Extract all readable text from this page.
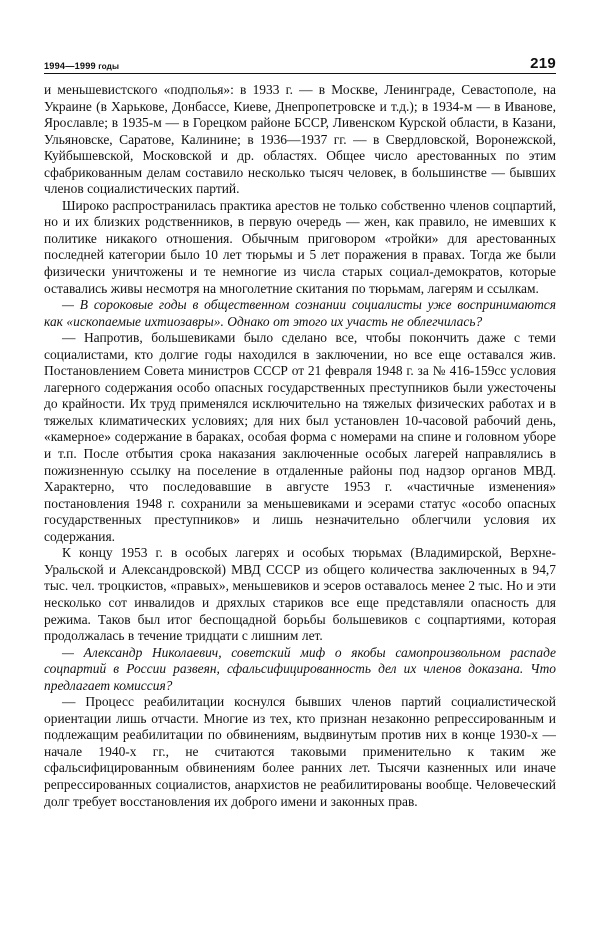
1994—1999 годы	219

и меньшевистского «подполья»: в 1933 г. — в Москве, Ленинграде, Севастополе, на Украине (в Харькове, Донбассе, Киеве, Днепропетровске и т.д.); в 1934-м — в Иванове, Ярославле; в 1935-м — в Горецком районе БССР, Ливенском Курской области, в Казани, Ульяновске, Саратове, Калинине; в 1936—1937 гг. — в Свердловской, Воронежской, Куйбышевской, Московской и др. областях. Общее число арестованных по этим сфабрикованным делам составило несколько тысяч человек, в большинстве — бывших членов социалистических партий.

Широко распространилась практика арестов не только собственно членов соцпартий, но и их близких родственников, в первую очередь — жен, как правило, не имевших к политике никакого отношения. Обычным приговором «тройки» для арестованных последней категории было 10 лет тюрьмы и 5 лет поражения в правах. Тогда же были физически уничтожены и те немногие из числа старых социал-демократов, которые оставались живы несмотря на многолетние скитания по тюрьмам, лагерям и ссылкам.

— В сороковые годы в общественном сознании социалисты уже воспринимаются как «ископаемые ихтиозавры». Однако от этого их участь не облегчилась?

— Напротив, большевиками было сделано все, чтобы покончить даже с теми социалистами, кто долгие годы находился в заключении, но все еще оставался жив. Постановлением Совета министров СССР от 21 февраля 1948 г. за № 416-159сс условия лагерного содержания особо опасных государственных преступников были ужесточены до крайности. Их труд применялся исключительно на тяжелых физических работах и в тяжелых климатических условиях; для них был установлен 10-часовой рабочий день, «камерное» содержание в бараках, особая форма с номерами на спине и головном уборе и т.п. После отбытия срока наказания заключенные особых лагерей направлялись в пожизненную ссылку на поселение в отдаленные районы под надзор органов МВД. Характерно, что последовавшие в августе 1953 г. «частичные изменения» постановления 1948 г. сохранили за меньшевиками и эсерами статус «особо опасных государственных преступников» и лишь незначительно облегчили условия их содержания.

К концу 1953 г. в особых лагерях и особых тюрьмах (Владимирской, Верхне-Уральской и Александровской) МВД СССР из общего количества заключенных в 94,7 тыс. чел. троцкистов, «правых», меньшевиков и эсеров оставалось менее 2 тыс. Но и эти несколько сот инвалидов и дряхлых стариков все еще представляли опасность для режима. Таков был итог беспощадной борьбы большевиков с соцпартиями, которая продолжалась в течение тридцати с лишним лет.

— Александр Николаевич, советский миф о якобы самопроизвольном распаде соцпартий в России развеян, сфальсифицированность дел их членов доказана. Что предлагает комиссия?

— Процесс реабилитации коснулся бывших членов партий социалистической ориентации лишь отчасти. Многие из тех, кто признан незаконно репрессированным и подлежащим реабилитации по обвинениям, выдвинутым против них в конце 1930-х — начале 1940-х гг., не считаются таковыми применительно к таким же сфальсифицированным обвинениям более ранних лет. Тысячи казненных или иначе репрессированных социалистов, анархистов не реабилитированы вообще. Человеческий долг требует восстановления их доброго имени и законных прав.
